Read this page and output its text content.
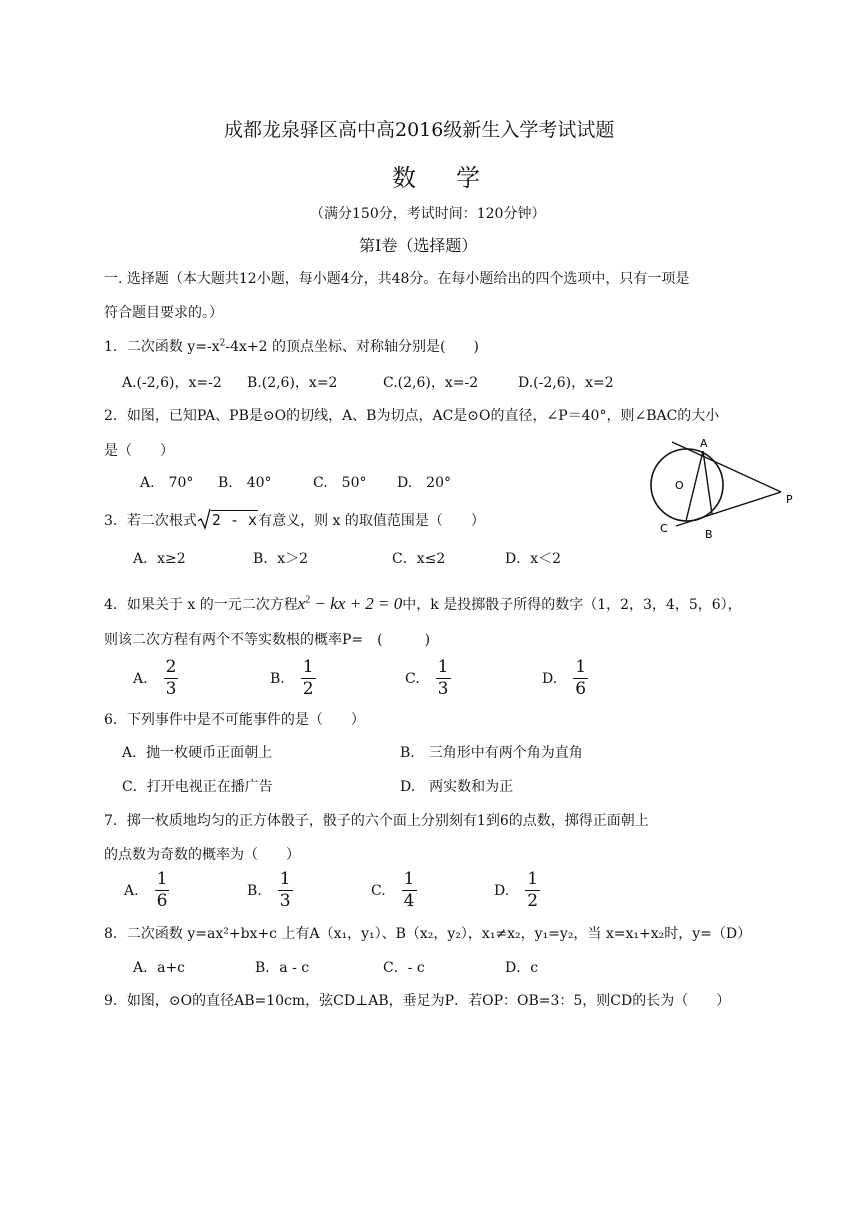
成都龙泉驿区高中高2016级新生入学考试试题
数学
（满分150分，考试时间：120分钟）
第Ⅰ卷（选择题）
一. 选择题（本大题共12小题，每小题4分，共48分。在每小题给出的四个选项中，只有一项是
符合题目要求的。）
1．二次函数 $y=-x^2-4x+2$ 的顶点坐标、对称轴分别是(　　)
A.(-2,6)，x=-2 B.(2,6)，x=2	C.(2,6)，x=-2	D.(-2,6)，x=2
2．如图，已知PA、PB是⊙O的切线，A、B为切点，AC是⊙O的直径，∠P＝40°，则∠BAC的大小
是（　　）
A.　70° B.　40°	C.　50° D.　20°
A
B
C
O
P
3．若二次根式 2 - x有意义，则 x 的取值范围是（　　）
A．x≥2	B．x＞2	C．x≤2	D．x＜2
4．如果关于 x 的一元二次方程$x^2$ − kx + 2 = 0中，k 是投掷骰子所得的数字（1，2，3，4，5，6），
则该二次方程有两个不等实数根的概率P=　(　　　)
A.
2
3
B.
1
2
C.
1
3
D.
1
6
6．下列事件中是不可能事件的是（　　）
A．抛一枚硬币正面朝上	B.　三角形中有两个角为直角
C．打开电视正在播广告	D.　两实数和为正
7．掷一枚质地均匀的正方体骰子，骰子的六个面上分别刻有1到6的点数，掷得正面朝上
的点数为奇数的概率为（　　）
A.
1
6
B.
1
3
C.
1
4
D.
1
2
8．二次函数 y=ax²+bx+c 上有A（x₁，y₁）、B（x₂，y₂），x₁≠x₂，y₁=y₂，当 x=x₁+x₂时，y=（D）
A．a+c	B．a - c	C．- c	D．c
9．如图，⊙O的直径AB=10cm，弦CD⊥AB，垂足为P．若OP：OB=3：5，则CD的长为（　　）
